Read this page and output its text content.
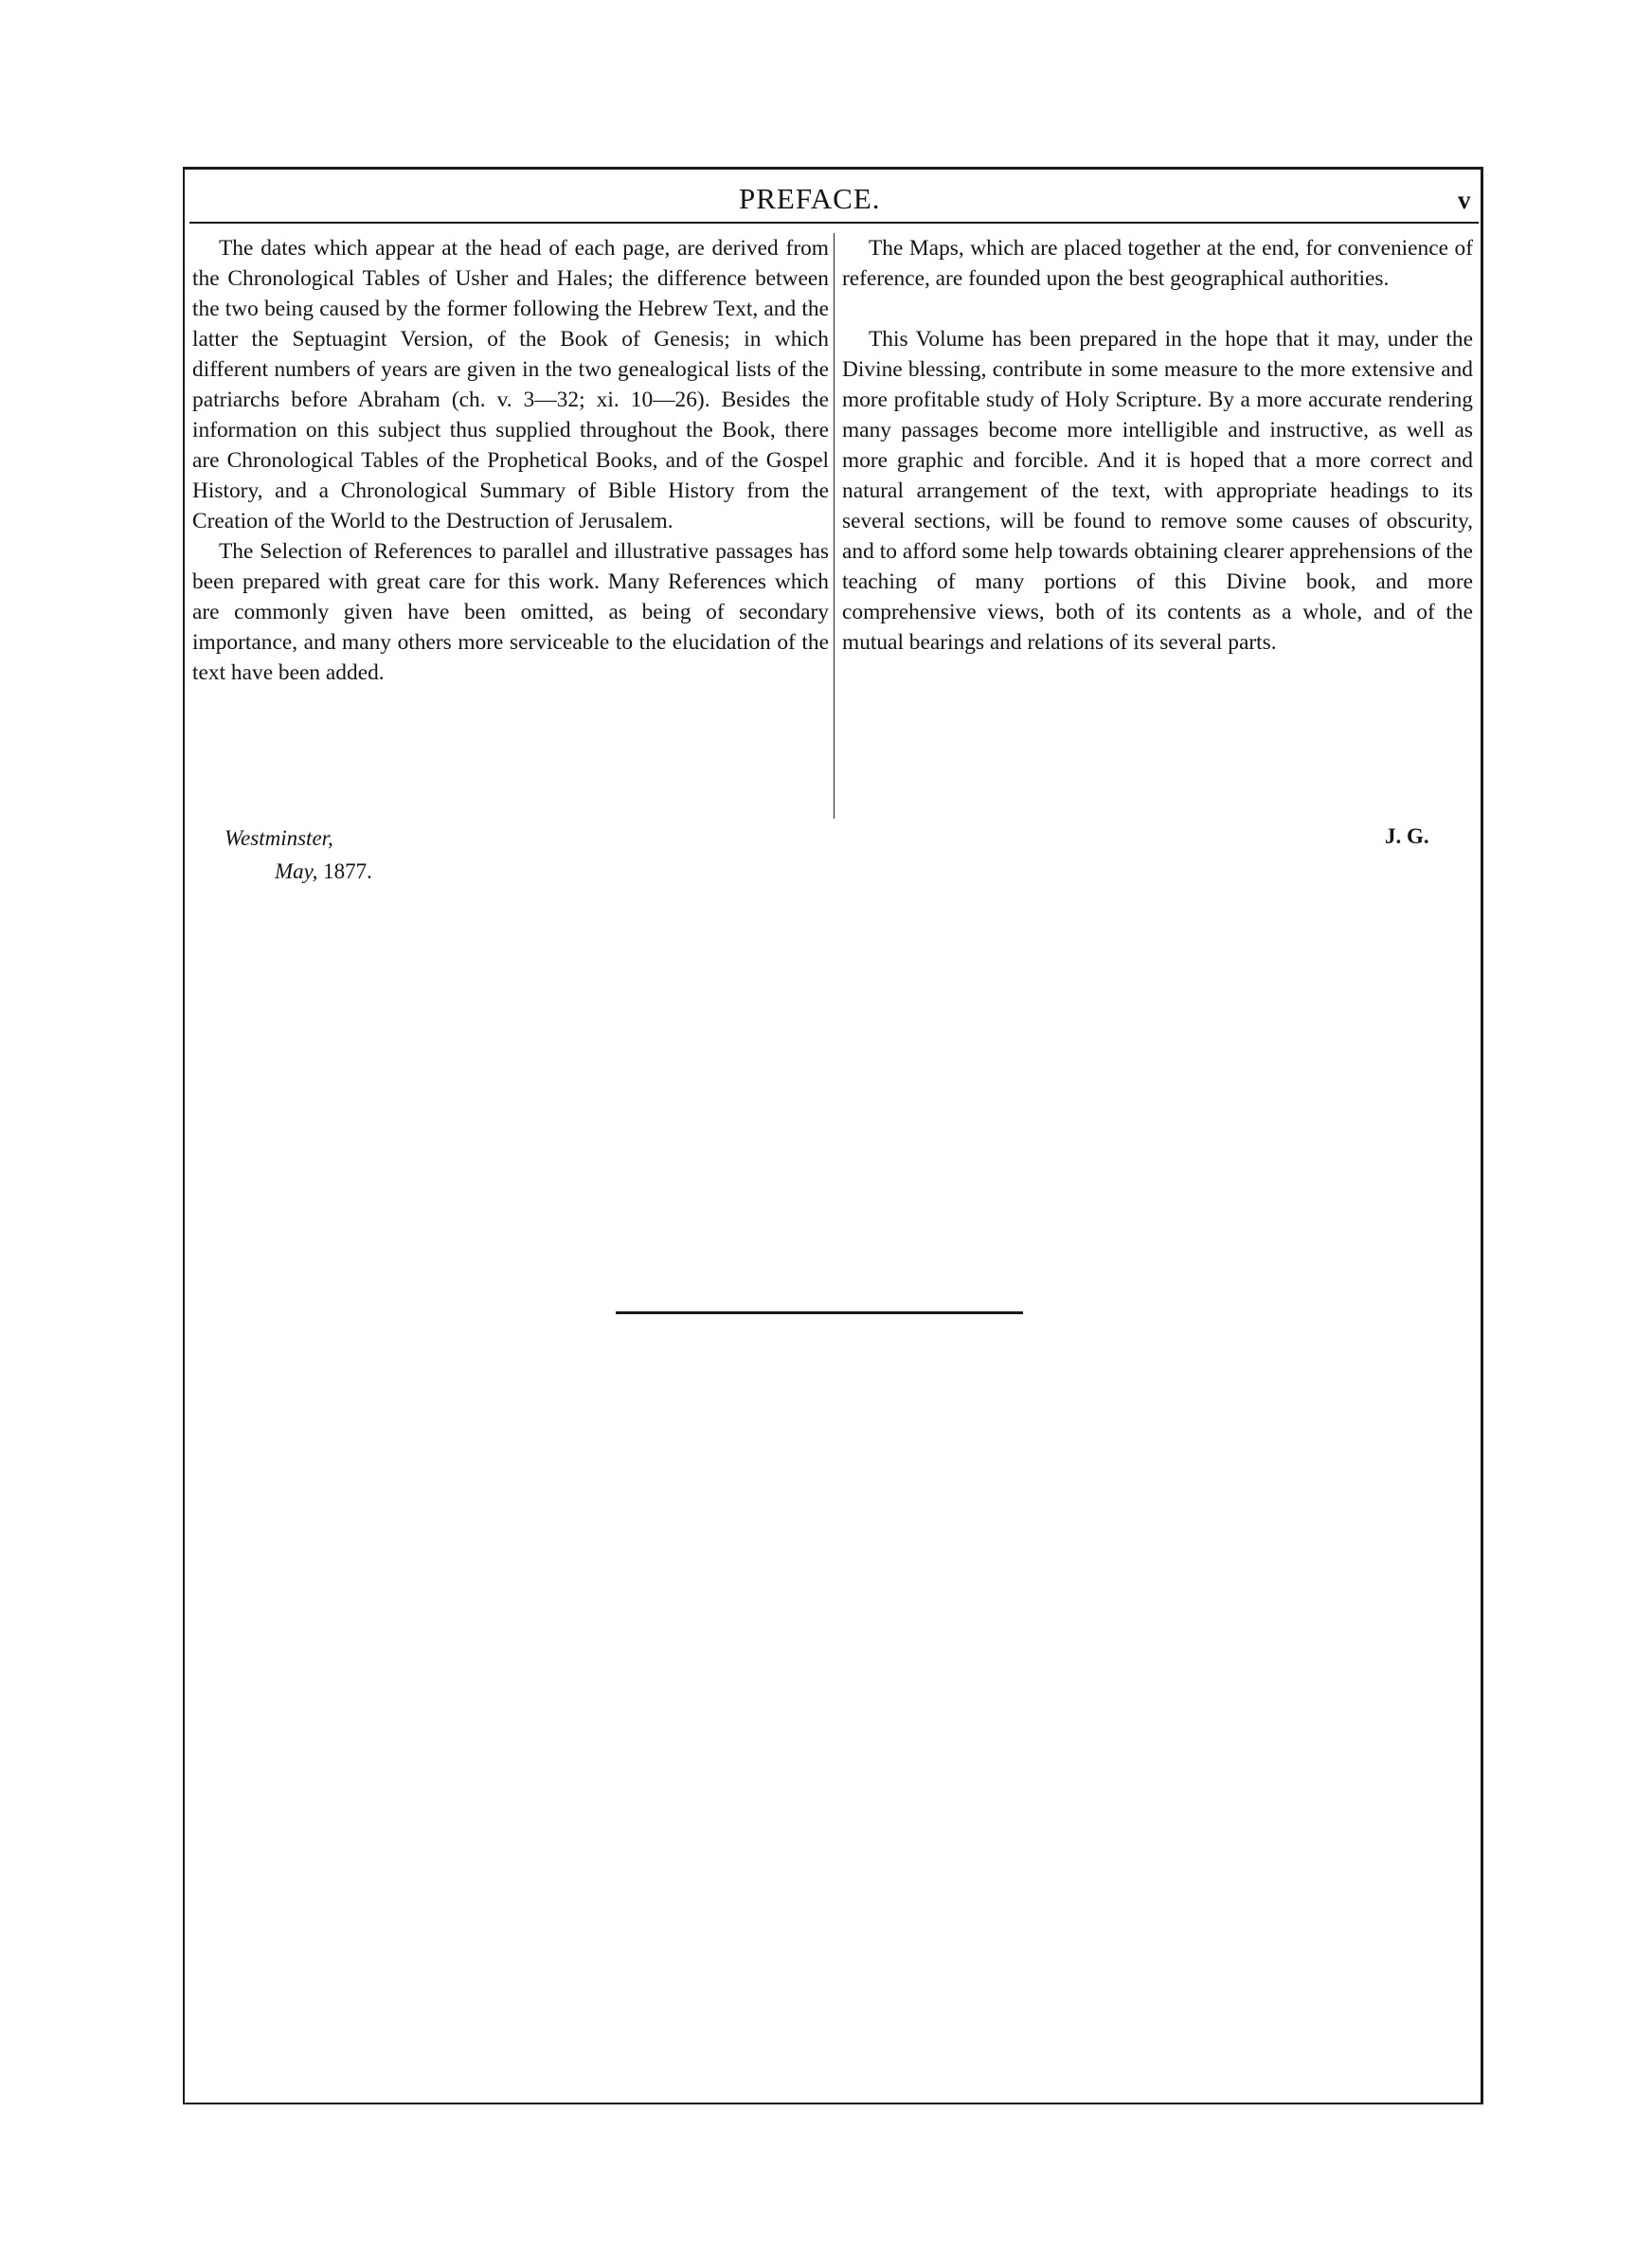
PREFACE.	v

The dates which appear at the head of each page, are derived from the Chronological Tables of Usher and Hales; the difference between the two being caused by the former following the Hebrew Text, and the latter the Septuagint Version, of the Book of Genesis; in which different numbers of years are given in the two genealogical lists of the patriarchs before Abraham (ch. v. 3—32; xi. 10—26). Besides the information on this subject thus supplied throughout the Book, there are Chronological Tables of the Prophetical Books, and of the Gospel History, and a Chronological Summary of Bible History from the Creation of the World to the Destruction of Jerusalem.

The Selection of References to parallel and illustrative passages has been prepared with great care for this work. Many References which are commonly given have been omitted, as being of secondary importance, and many others more serviceable to the elucidation of the text have been added.

The Maps, which are placed together at the end, for convenience of reference, are founded upon the best geographical authorities.

This Volume has been prepared in the hope that it may, under the Divine blessing, contribute in some measure to the more extensive and more profitable study of Holy Scripture. By a more accurate rendering many passages become more intelligible and instructive, as well as more graphic and forcible. And it is hoped that a more correct and natural arrangement of the text, with appropriate headings to its several sections, will be found to remove some causes of obscurity, and to afford some help towards obtaining clearer apprehensions of the teaching of many portions of this Divine book, and more comprehensive views, both of its contents as a whole, and of the mutual bearings and relations of its several parts.

Westminster,
May, 1877.
J. G.
